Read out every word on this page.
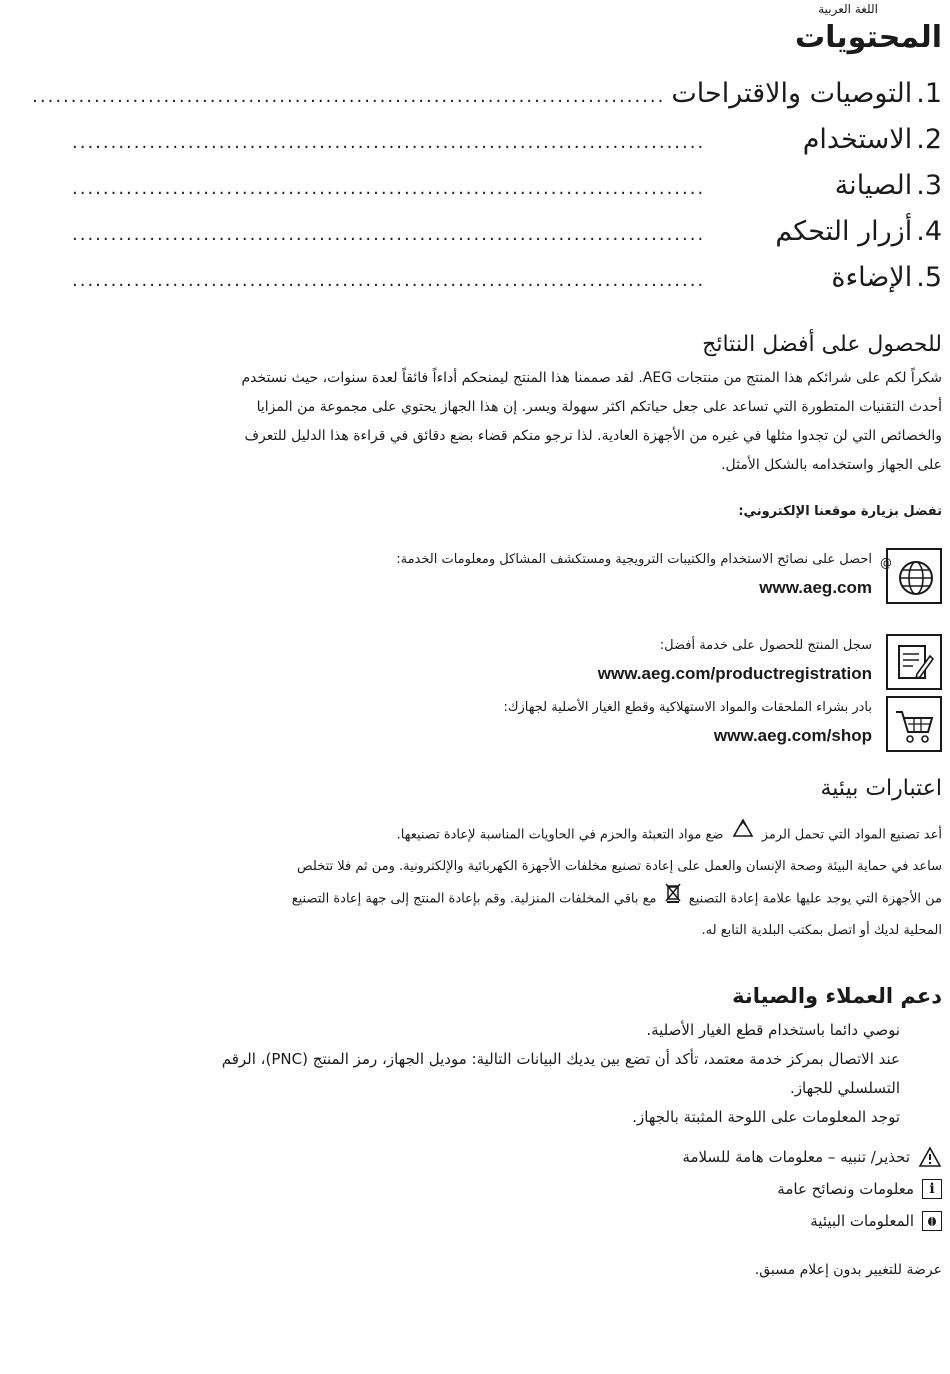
اللغة العربية
المحتويات
1.
التوصيات والاقتراحات
..................................................................................
2.
الاستخدام
..................................................................................
3.
الصيانة
..................................................................................
4.
أزرار التحكم
..................................................................................
5.
الإضاءة
..................................................................................
للحصول على أفضل النتائج
شكراً لكم على شرائكم هذا المنتج من منتجات AEG. لقد صممنا هذا المنتج ليمنحكم أداءاً فائقاً لعدة سنوات، حيث نستخدم
أحدث التقنيات المتطورة التي تساعد على جعل حياتكم اكثر سهولة ويسر. إن هذا الجهاز يحتوي على مجموعة من المزايا
والخصائص التي لن تجدوا مثلها في غيره من الأجهزة العادية. لذا نرجو منكم قضاء بضع دقائق في قراءة هذا الدليل للتعرف
على الجهاز واستخدامه بالشكل الأمثل.
تفضل بزيارة موقعنا الإلكتروني:
@
احصل على نصائح الاستخدام والكتيبات الترويجية ومستكشف المشاكل ومعلومات الخدمة:
www.aeg.com
سجل المنتج للحصول على خدمة أفضل:
www.aeg.com/productregistration
بادر بشراء الملحقات والمواد الاستهلاكية وقطع الغيار الأصلية لجهازك:
www.aeg.com/shop
اعتبارات بيئية
أعد تصنيع المواد التي تحمل الرمز  ضع مواد التعبئة والحزم في الحاويات المناسبة لإعادة تصنيعها.
ساعد في حماية البيئة وصحة الإنسان والعمل على إعادة تصنيع مخلفات الأجهزة الكهربائية والإلكترونية. ومن ثم فلا تتخلص
من الأجهزة التي يوجد عليها علامة إعادة التصنيع  مع باقي المخلفات المنزلية. وقم بإعادة المنتج إلى جهة إعادة التصنيع
المحلية لديك أو اتصل بمكتب البلدية التابع له.
دعم العملاء والصيانة
نوصي دائما باستخدام قطع الغيار الأصلية.
عند الاتصال بمركز خدمة معتمد، تأكد أن تضع بين يديك البيانات التالية: موديل الجهاز، رمز المنتج (PNC)، الرقم
التسلسلي للجهاز.
توجد المعلومات على اللوحة المثبتة بالجهاز.
تحذير/ تنبيه – معلومات هامة للسلامة
i
معلومات ونصائح عامة
المعلومات البيئية
عرضة للتغيير بدون إعلام مسبق.
